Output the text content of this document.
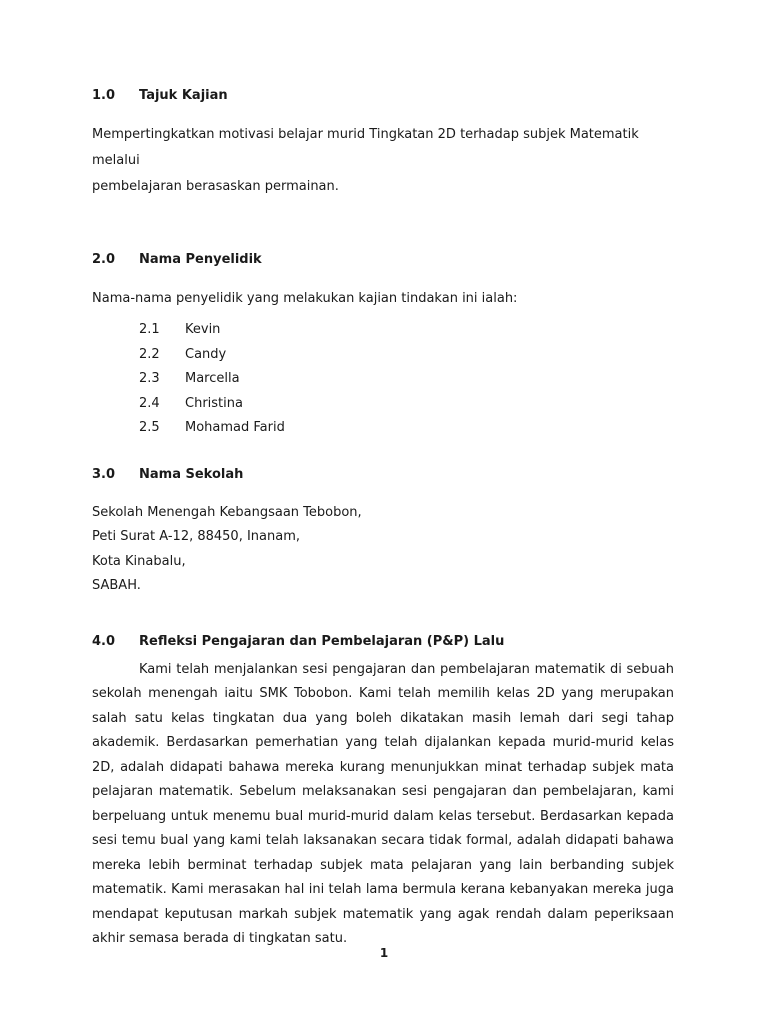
1.0	Tajuk Kajian
Mempertingkatkan motivasi belajar murid Tingkatan 2D terhadap subjek Matematik melalui
pembelajaran berasaskan permainan.
2.0	Nama Penyelidik
Nama-nama penyelidik yang melakukan kajian tindakan ini ialah:
2.1	Kevin
2.2	Candy
2.3	Marcella
2.4	Christina
2.5	Mohamad Farid
3.0	Nama Sekolah
Sekolah Menengah Kebangsaan Tebobon,
Peti Surat A-12, 88450, Inanam,
Kota Kinabalu,
SABAH.
4.0	Refleksi Pengajaran dan Pembelajaran (P&P) Lalu

Kami telah menjalankan sesi pengajaran dan pembelajaran matematik di sebuah sekolah menengah iaitu SMK Tobobon. Kami telah memilih kelas 2D yang merupakan salah satu kelas tingkatan dua yang boleh dikatakan masih lemah dari segi tahap akademik. Berdasarkan pemerhatian yang telah dijalankan kepada murid-murid kelas 2D, adalah didapati bahawa mereka kurang menunjukkan minat terhadap subjek mata pelajaran matematik. Sebelum melaksanakan sesi pengajaran dan pembelajaran, kami berpeluang untuk menemu bual murid-murid dalam kelas tersebut. Berdasarkan kepada sesi temu bual yang kami telah laksanakan secara tidak formal, adalah didapati bahawa mereka lebih berminat terhadap subjek mata pelajaran yang lain berbanding subjek matematik. Kami merasakan hal ini telah lama bermula kerana kebanyakan mereka juga mendapat keputusan markah subjek matematik yang agak rendah dalam peperiksaan akhir semasa berada di tingkatan satu.

1
